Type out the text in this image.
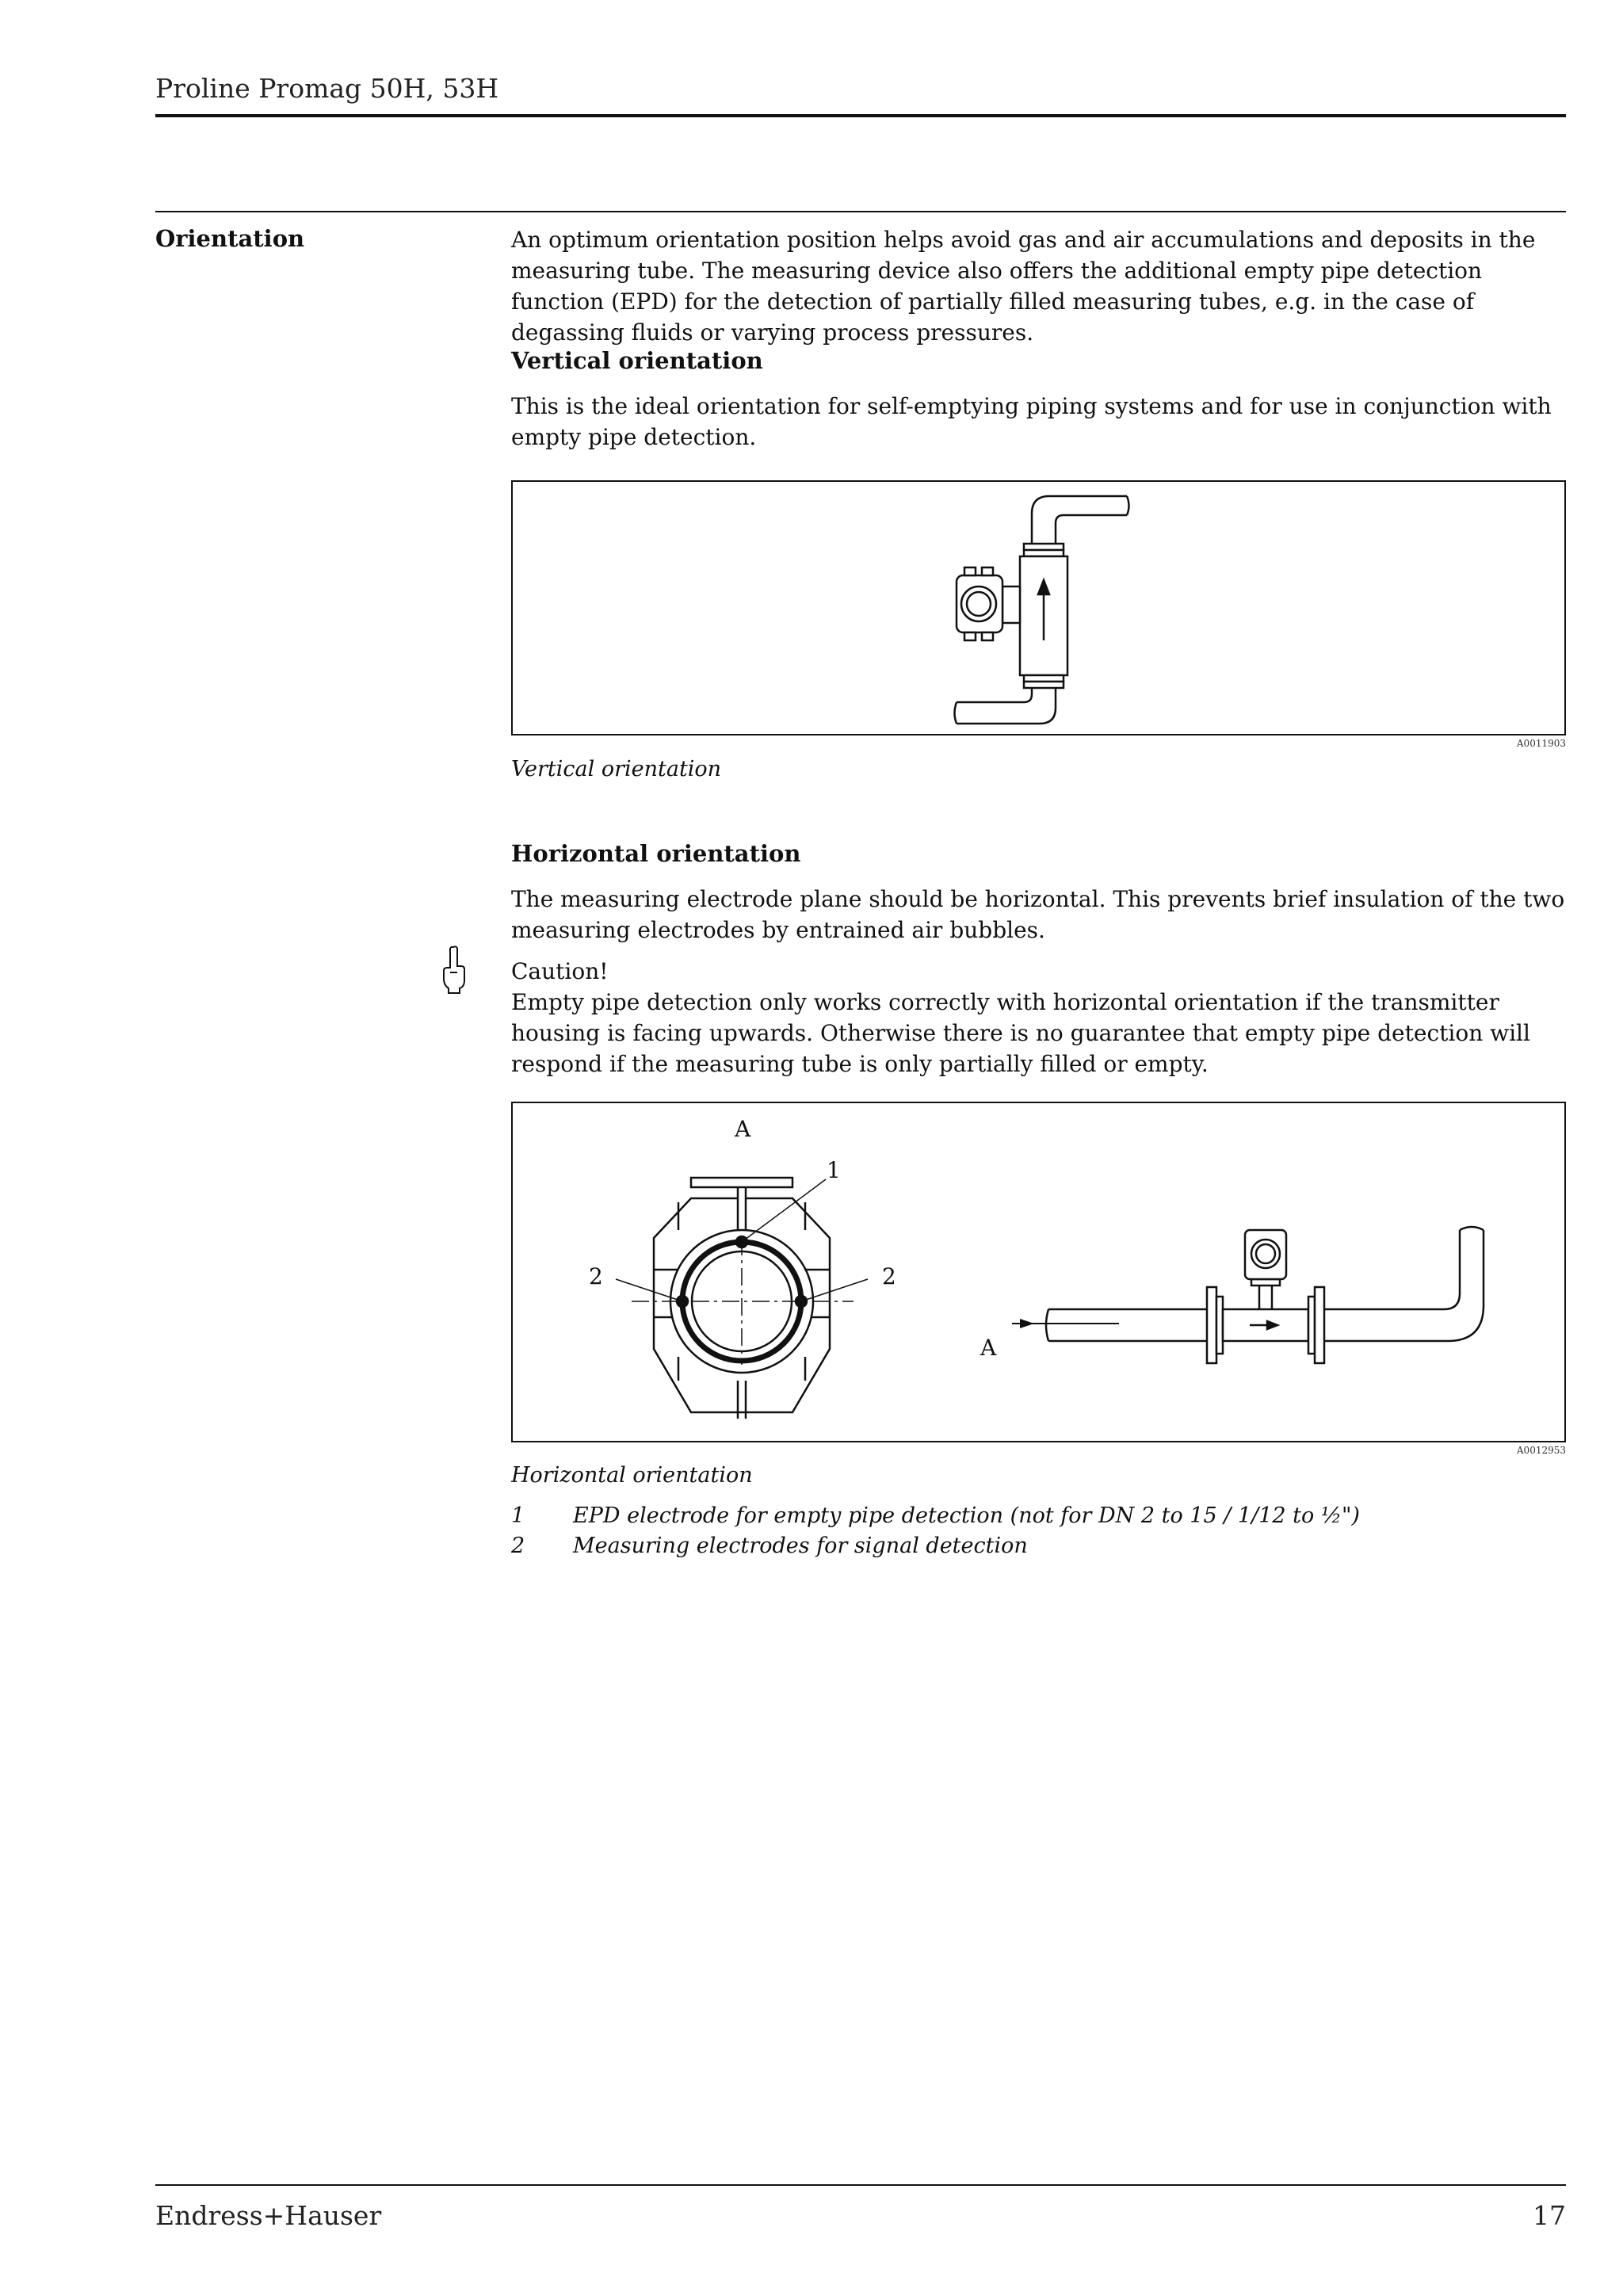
Proline Promag 50H, 53H
Orientation	An optimum orientation position helps avoid gas and air accumulations and deposits in the measuring tube. The measuring device also offers the additional empty pipe detection function (EPD) for the detection of partially filled measuring tubes, e.g. in the case of degassing fluids or varying process pressures.

Vertical orientation

This is the ideal orientation for self-emptying piping systems and for use in conjunction with empty pipe detection.

A0011903
Vertical orientation
Horizontal orientation

The measuring electrode plane should be horizontal. This prevents brief insulation of the two measuring electrodes by entrained air bubbles.

Caution!

Empty pipe detection only works correctly with horizontal orientation if the transmitter housing is facing upwards. Otherwise there is no guarantee that empty pipe detection will respond if the measuring tube is only partially filled or empty.

A
1
2	2
A
A0012953
Horizontal orientation
1 EPD electrode for empty pipe detection (not for DN 2 to 15 / 1/12 to ½")
2 Measuring electrodes for signal detection
Endress+Hauser	17
